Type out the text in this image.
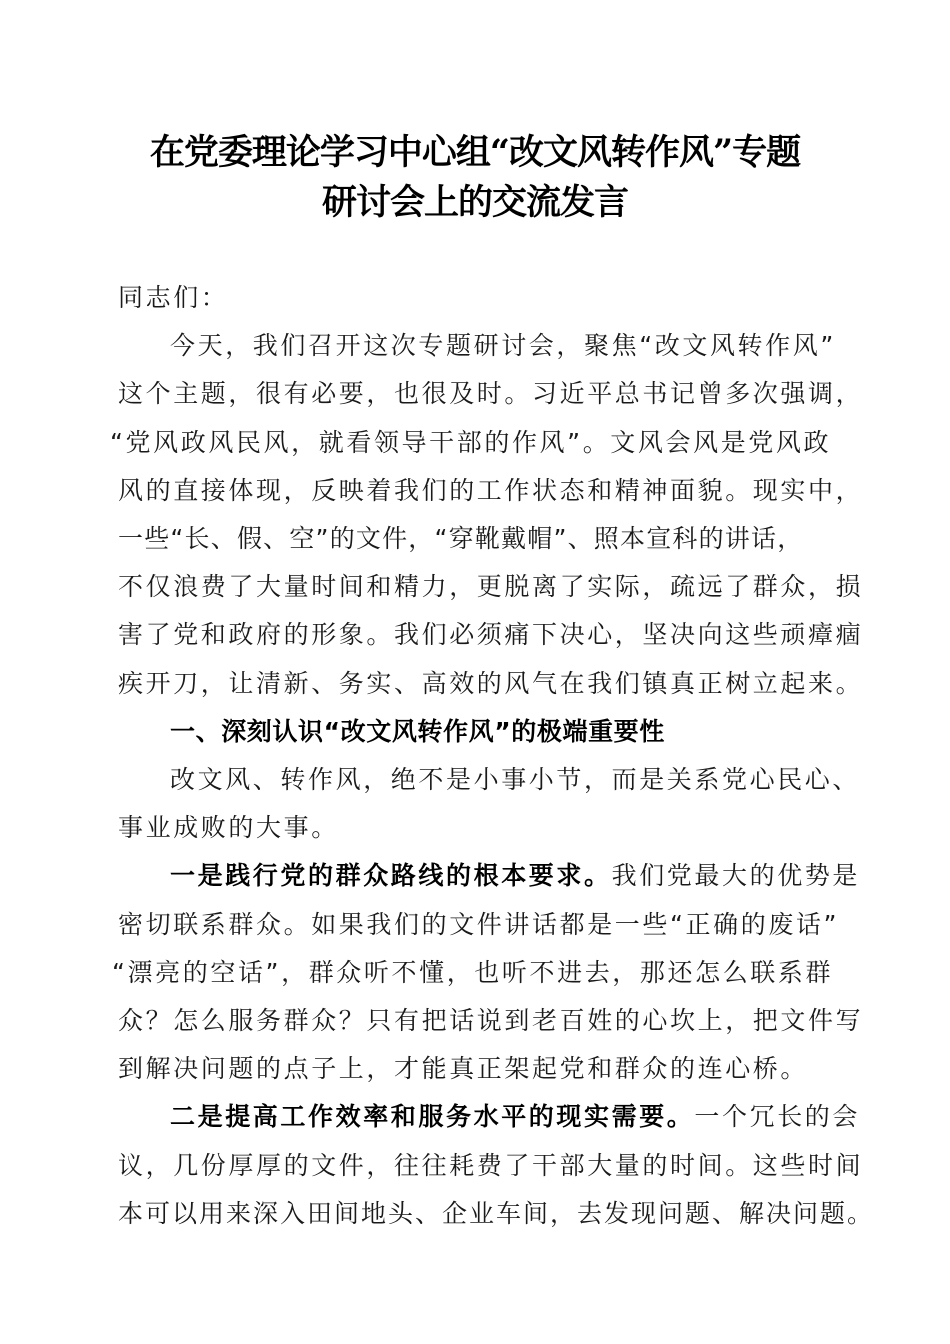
在党委理论学习中心组“改文风转作风”专题
研讨会上的交流发言

同志们：

今天，我们召开这次专题研讨会，聚焦“改文风转作风”

这个主题，很有必要，也很及时。习近平总书记曾多次强调，

“党风政风民风，就看领导干部的作风”。文风会风是党风政

风的直接体现，反映着我们的工作状态和精神面貌。现实中，

一些“长、假、空”的文件，“穿靴戴帽”、照本宣科的讲话，

不仅浪费了大量时间和精力，更脱离了实际，疏远了群众，损

害了党和政府的形象。我们必须痛下决心，坚决向这些顽瘴痼

疾开刀，让清新、务实、高效的风气在我们镇真正树立起来。

一、深刻认识“改文风转作风”的极端重要性

改文风、转作风，绝不是小事小节，而是关系党心民心、

事业成败的大事。

一是践行党的群众路线的根本要求。我们党最大的优势是

密切联系群众。如果我们的文件讲话都是一些“正确的废话”

“漂亮的空话”，群众听不懂，也听不进去，那还怎么联系群

众？怎么服务群众？只有把话说到老百姓的心坎上，把文件写

到解决问题的点子上，才能真正架起党和群众的连心桥。

二是提高工作效率和服务水平的现实需要。一个冗长的会

议，几份厚厚的文件，往往耗费了干部大量的时间。这些时间

本可以用来深入田间地头、企业车间，去发现问题、解决问题。
